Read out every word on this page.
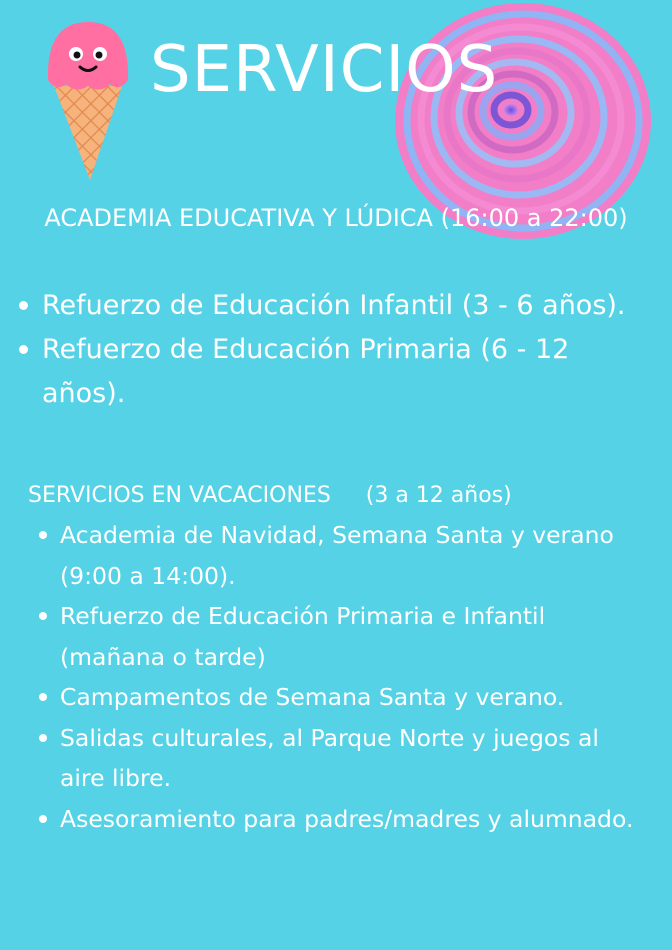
SERVICIOS
ACADEMIA EDUCATIVA Y LÚDICA (16:00 a 22:00)
Refuerzo de Educación Infantil (3 - 6 años).
Refuerzo de Educación Primaria (6 - 12 años).
SERVICIOS EN VACACIONES     (3 a 12 años)
Academia de Navidad, Semana Santa y verano (9:00 a 14:00).
Refuerzo de Educación Primaria e Infantil (mañana o tarde)
Campamentos de Semana Santa y verano.
Salidas culturales, al Parque Norte y juegos al aire libre.
Asesoramiento para padres/madres y alumnado.
